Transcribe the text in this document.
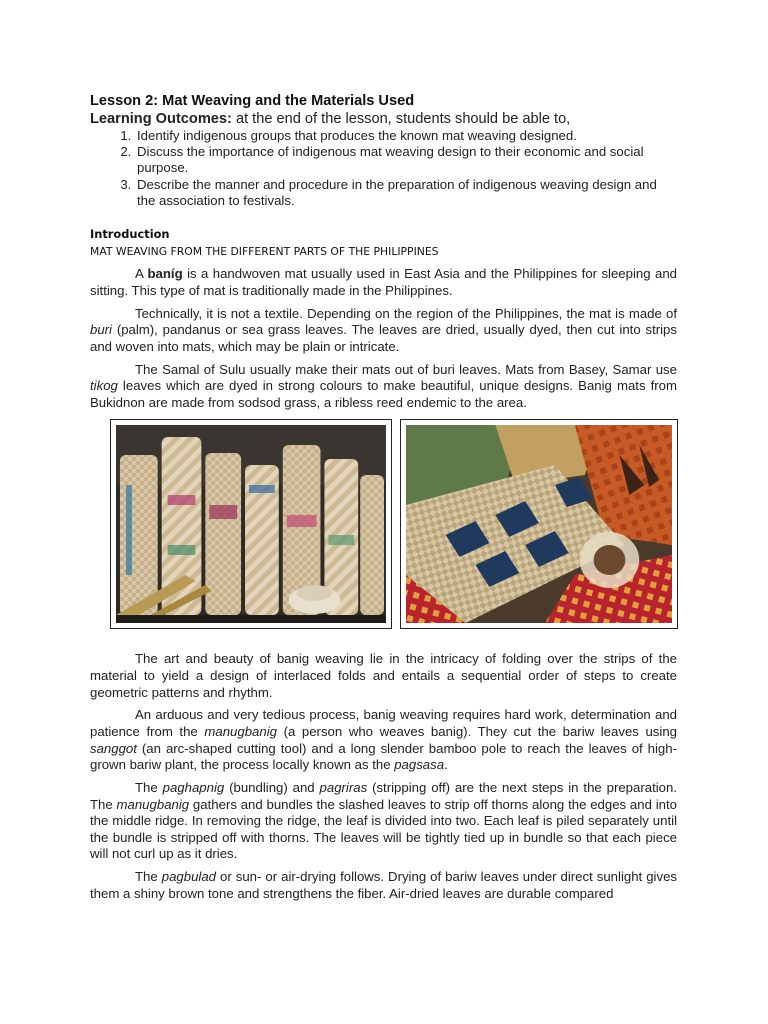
Lesson 2: Mat Weaving and the Materials Used

Learning Outcomes: at the end of the lesson, students should be able to,

1. Identify indigenous groups that produces the known mat weaving designed.
2. Discuss the importance of indigenous mat weaving design to their economic and social purpose.
3. Describe the manner and procedure in the preparation of indigenous weaving design and the association to festivals.
Introduction
MAT WEAVING FROM THE DIFFERENT PARTS OF THE PHILIPPINES

A baníg is a handwoven mat usually used in East Asia and the Philippines for sleeping and sitting. This type of mat is traditionally made in the Philippines.

Technically, it is not a textile. Depending on the region of the Philippines, the mat is made of buri (palm), pandanus or sea grass leaves. The leaves are dried, usually dyed, then cut into strips and woven into mats, which may be plain or intricate.

The Samal of Sulu usually make their mats out of buri leaves. Mats from Basey, Samar use tikog leaves which are dyed in strong colours to make beautiful, unique designs. Banig mats from Bukidnon are made from sodsod grass, a ribless reed endemic to the area.

The art and beauty of banig weaving lie in the intricacy of folding over the strips of the material to yield a design of interlaced folds and entails a sequential order of steps to create geometric patterns and rhythm.

An arduous and very tedious process, banig weaving requires hard work, determination and patience from the manugbanig (a person who weaves banig). They cut the bariw leaves using sanggot (an arc-shaped cutting tool) and a long slender bamboo pole to reach the leaves of high-grown bariw plant, the process locally known as the pagsasa.

The paghapnig (bundling) and pagriras (stripping off) are the next steps in the preparation. The manugbanig gathers and bundles the slashed leaves to strip off thorns along the edges and into the middle ridge. In removing the ridge, the leaf is divided into two. Each leaf is piled separately until the bundle is stripped off with thorns. The leaves will be tightly tied up in bundle so that each piece will not curl up as it dries.

The pagbulad or sun- or air-drying follows. Drying of bariw leaves under direct sunlight gives them a shiny brown tone and strengthens the fiber. Air-dried leaves are durable compared
